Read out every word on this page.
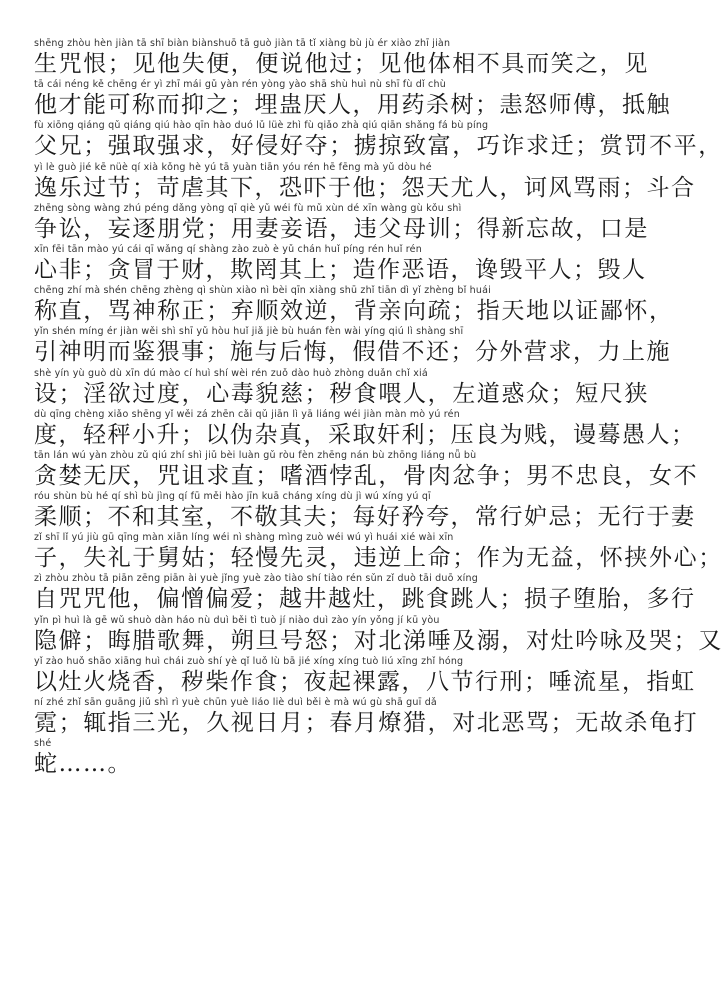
shēng zhòu hèn jiàn tā shī biàn biànshuō tā guò jiàn tā tǐ xiàng bù jù ér xiào zhī jiàn
生咒恨；见他失便，便说他过；见他体相不具而笑之，见
tā cái néng kě chēng ér yì zhī mái gǔ yàn rén yòng yào shā shù huì nù shī fù dǐ chù
他才能可称而抑之；埋蛊厌人，用药杀树；恚怒师傅，抵触
fù xiōng qiáng qǔ qiáng qiú hào qīn hào duó lǔ lüè zhì fù qiǎo zhà qiú qiān shǎng fá bù píng
父兄；强取强求，好侵好夺；掳掠致富，巧诈求迁；赏罚不平，
yì lè guò jié kē nüè qí xià kǒng hè yú tā yuàn tiān yóu rén hē fēng mà yǔ dòu hé
逸乐过节；苛虐其下，恐吓于他；怨天尤人，诃风骂雨；斗合
zhēng sòng wàng zhú péng dǎng yòng qī qiè yǔ wéi fù mǔ xùn dé xīn wàng gù kǒu shì
争讼，妄逐朋党；用妻妾语，违父母训；得新忘故，口是
xīn fēi tān mào yú cái qī wǎng qí shàng zào zuò è yǔ chán huǐ píng rén huǐ rén
心非；贪冒于财，欺罔其上；造作恶语，谗毁平人；毁人
chēng zhí mà shén chēng zhèng qì shùn xiào nì bèi qīn xiàng shū zhǐ tiān dì yǐ zhèng bǐ huái
称直，骂神称正；弃顺效逆，背亲向疏；指天地以证鄙怀，
yǐn shén míng ér jiàn wěi shì shī yǔ hòu huǐ jiǎ jiè bù huán fèn wài yíng qiú lì shàng shī
引神明而鉴猥事；施与后悔，假借不还；分外营求，力上施
shè yín yù guò dù xīn dú mào cí huì shí wèi rén zuǒ dào huò zhòng duǎn chǐ xiá
设；淫欲过度，心毒貌慈；秽食喂人，左道惑众；短尺狭
dù qīng chèng xiǎo shēng yǐ wěi zá zhēn cǎi qǔ jiān lì yā liáng wéi jiàn màn mò yú rén
度，轻秤小升；以伪杂真，采取奸利；压良为贱，谩蓦愚人；
tān lán wú yàn zhòu zǔ qiú zhí shì jiǔ bèi luàn gǔ ròu fèn zhēng nán bù zhōng liáng nǚ bù
贪婪无厌，咒诅求直；嗜酒悖乱，骨肉忿争；男不忠良，女不
róu shùn bù hé qí shì bù jìng qí fū měi hào jīn kuā cháng xíng dù jì wú xíng yú qī
柔顺；不和其室，不敬其夫；每好矜夸，常行妒忌；无行于妻
zǐ shī lǐ yú jiù gū qīng màn xiān líng wéi nì shàng mìng zuò wéi wú yì huái xié wài xīn
子，失礼于舅姑；轻慢先灵，违逆上命；作为无益，怀挟外心；
zì zhòu zhòu tā piān zēng piān ài yuè jǐng yuè zào tiào shí tiào rén sǔn zǐ duò tāi duō xíng
自咒咒他，偏憎偏爱；越井越灶，跳食跳人；损子堕胎，多行
yǐn pì huì là gē wǔ shuò dàn háo nù duì běi tì tuò jí niào duì zào yín yǒng jí kū yòu
隐僻；晦腊歌舞，朔旦号怒；对北涕唾及溺，对灶吟咏及哭；又
yǐ zào huǒ shāo xiāng huì chái zuò shí yè qǐ luǒ lù bā jié xíng xíng tuò liú xīng zhǐ hóng
以灶火烧香，秽柴作食；夜起裸露，八节行刑；唾流星，指虹
ní zhé zhǐ sān guāng jiǔ shì rì yuè chūn yuè liáo liè duì běi è mà wú gù shā guī dǎ
霓；辄指三光，久视日月；春月燎猎，对北恶骂；无故杀龟打
shé
蛇……。
